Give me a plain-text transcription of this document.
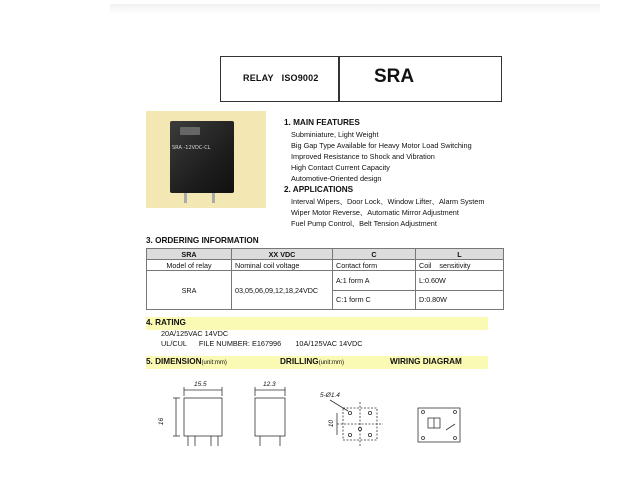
RELAY   ISO9002	SRA
SRA -12VDC-CL
1. MAIN FEATURES
Subminiature, Light Weight
Big Gap Type Available for Heavy Motor Load Switching
Improved Resistance to Shock and Vibration
High Contact Current Capacity
Automotive-Oriented design
2. APPLICATIONS
Interval Wipers、Door Lock、Window Lifter、Alarm System
Wiper Motor Reverse、Automatic Mirror Adjustment
Fuel Pump Control、Belt Tension Adjustment
3. ORDERING INFORMATION
SRA	XX VDC	C	L
Model of relay	Nominal coil voltage	Contact form	Coil    sensitivity
SRA	03,05,06,09,12,18,24VDC	A:1 form A	L:0.60W
		C:1 form C	D:0.80W
4. RATING
20A/125VAC 14VDC
UL/CUL      FILE NUMBER: E167996       10A/125VAC 14VDC
5. DIMENSION(unit:mm)	DRILLING(unit:mm)	WIRING DIAGRAM
15.5	12.3
16
5-Ø1.4
10
